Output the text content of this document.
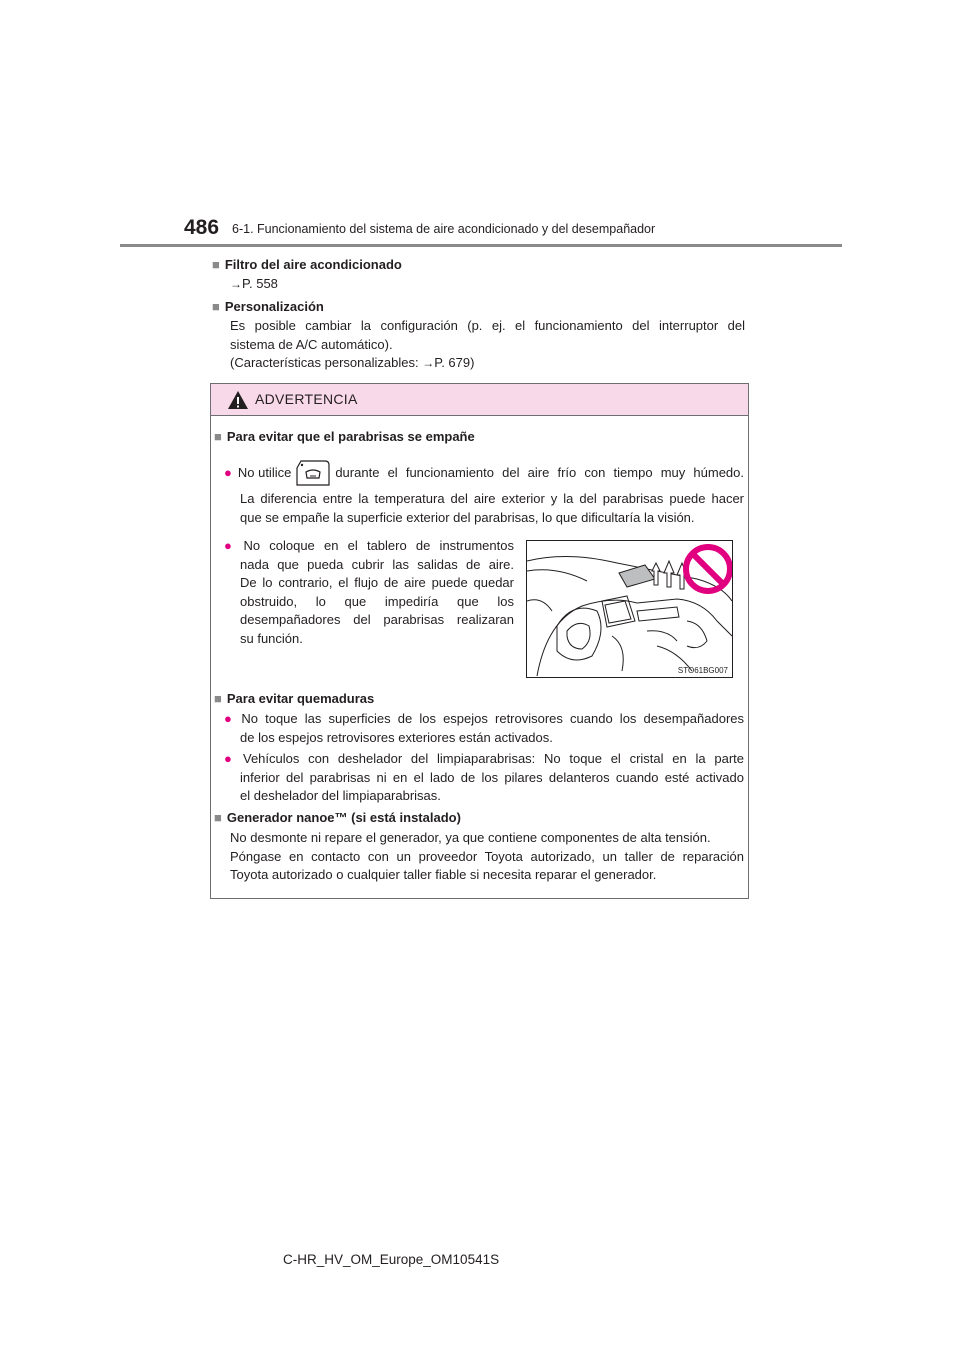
486 6-1. Funcionamiento del sistema de aire acondicionado y del desempañador
■ Filtro del aire acondicionado
→P. 558
■ Personalización
Es posible cambiar la configuración (p. ej. el funcionamiento del interruptor del
sistema de A/C automático).
(Características personalizables: →P. 679)
ADVERTENCIA
■ Para evitar que el parabrisas se empañe
● No utilice	durante el funcionamiento del aire frío con tiempo muy húmedo.
La diferencia entre la temperatura del aire exterior y la del parabrisas puede hacer
que se empañe la superficie exterior del parabrisas, lo que dificultaría la visión.
● No coloque en el tablero de instrumentos
nada que pueda cubrir las salidas de aire.
De lo contrario, el flujo de aire puede quedar
obstruido, lo que impediría que los
desempañadores del parabrisas realizaran
su función.
STO61BG007
■ Para evitar quemaduras
● No toque las superficies de los espejos retrovisores cuando los desempañadores
de los espejos retrovisores exteriores están activados.
● Vehículos con deshelador del limpiaparabrisas: No toque el cristal en la parte
inferior del parabrisas ni en el lado de los pilares delanteros cuando esté activado
el deshelador del limpiaparabrisas.
■ Generador nanoe™ (si está instalado)
No desmonte ni repare el generador, ya que contiene componentes de alta tensión.
Póngase en contacto con un proveedor Toyota autorizado, un taller de reparación
Toyota autorizado o cualquier taller fiable si necesita reparar el generador.
C-HR_HV_OM_Europe_OM10541S
